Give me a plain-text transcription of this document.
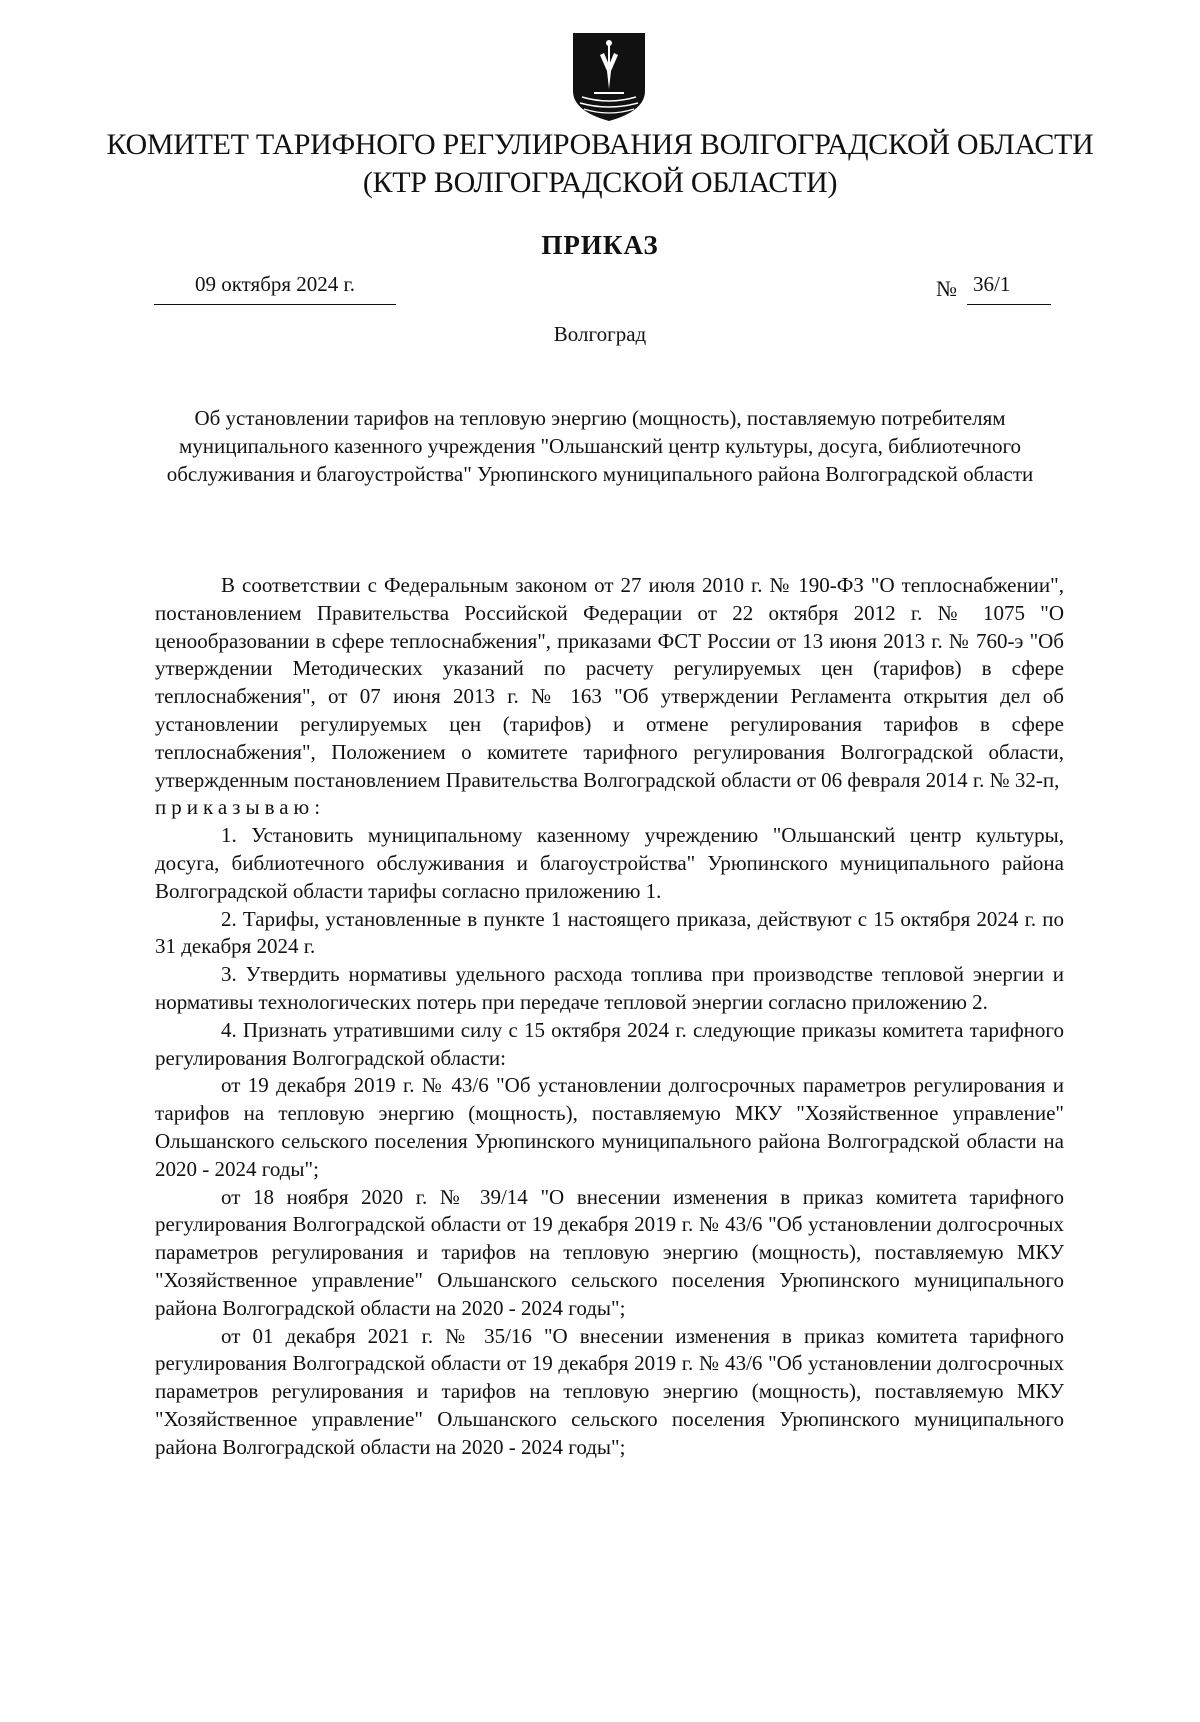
КОМИТЕТ ТАРИФНОГО РЕГУЛИРОВАНИЯ ВОЛГОГРАДСКОЙ ОБЛАСТИ
(КТР ВОЛГОГРАДСКОЙ ОБЛАСТИ)
ПРИКАЗ
09 октября 2024 г.	№ 36/1
Волгоград
Об установлении тарифов на тепловую энергию (мощность), поставляемую потребителям муниципального казенного учреждения "Ольшанский центр культуры, досуга, библиотечного обслуживания и благоустройства" Урюпинского муниципального района Волгоградской области

В соответствии с Федеральным законом от 27 июля 2010 г. № 190-ФЗ "О теплоснабжении", постановлением Правительства Российской Федерации от 22 октября 2012 г. № 1075 "О ценообразовании в сфере теплоснабжения", приказами ФСТ России от 13 июня 2013 г. № 760-э "Об утверждении Методических указаний по расчету регулируемых цен (тарифов) в сфере теплоснабжения", от 07 июня 2013 г. № 163 "Об утверждении Регламента открытия дел об установлении регулируемых цен (тарифов) и отмене регулирования тарифов в сфере теплоснабжения", Положением о комитете тарифного регулирования Волгоградской области, утвержденным постановлением Правительства Волгоградской области от 06 февраля 2014 г. № 32-п,

приказываю:

1. Установить муниципальному казенному учреждению "Ольшанский центр культуры, досуга, библиотечного обслуживания и благоустройства" Урюпинского муниципального района Волгоградской области тарифы согласно приложению 1.

2. Тарифы, установленные в пункте 1 настоящего приказа, действуют с 15 октября 2024 г. по 31 декабря 2024 г.

3. Утвердить нормативы удельного расхода топлива при производстве тепловой энергии и нормативы технологических потерь при передаче тепловой энергии согласно приложению 2.

4. Признать утратившими силу с 15 октября 2024 г. следующие приказы комитета тарифного регулирования Волгоградской области:

от 19 декабря 2019 г. № 43/6 "Об установлении долгосрочных параметров регулирования и тарифов на тепловую энергию (мощность), поставляемую МКУ "Хозяйственное управление" Ольшанского сельского поселения Урюпинского муниципального района Волгоградской области на 2020 - 2024 годы";

от 18 ноября 2020 г. № 39/14 "О внесении изменения в приказ комитета тарифного регулирования Волгоградской области от 19 декабря 2019 г. № 43/6 "Об установлении долгосрочных параметров регулирования и тарифов на тепловую энергию (мощность), поставляемую МКУ "Хозяйственное управление" Ольшанского сельского поселения Урюпинского муниципального района Волгоградской области на 2020 - 2024 годы";

от 01 декабря 2021 г. № 35/16 "О внесении изменения в приказ комитета тарифного регулирования Волгоградской области от 19 декабря 2019 г. № 43/6 "Об установлении долгосрочных параметров регулирования и тарифов на тепловую энергию (мощность), поставляемую МКУ "Хозяйственное управление" Ольшанского сельского поселения Урюпинского муниципального района Волгоградской области на 2020 - 2024 годы";
